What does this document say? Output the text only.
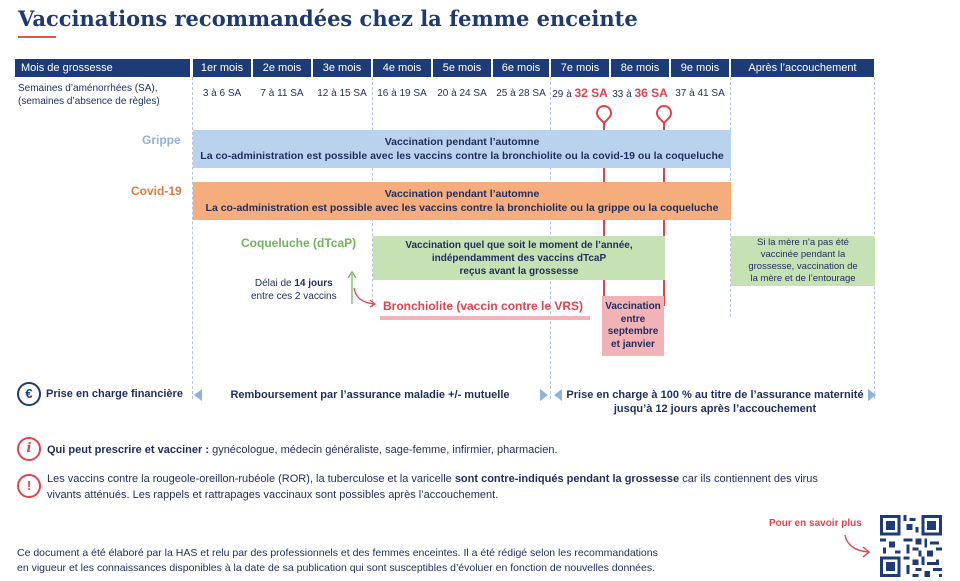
Vaccinations recommandées chez la femme enceinte
Mois de grossesse	1er mois	2e mois	3e mois	4e mois	5e mois	6e mois	7e mois	8e mois	9e mois	Après l’accouchement
Semaines d’aménorrhées (SA),
(semaines d’absence de règles)
3 à 6 SA	7 à 11 SA	12 à 15 SA	16 à 19 SA	20 à 24 SA 25 à 28 SA 29 à 32 SA 33 à 36 SA 37 à 41 SA
Grippe	Vaccination pendant l’automne
La co-administration est possible avec les vaccins contre la bronchiolite ou la covid-19 ou la coqueluche
Covid-19	Vaccination pendant l’automne
La co-administration est possible avec les vaccins contre la bronchiolite ou la grippe ou la coqueluche
Coqueluche (dTcaP)	Vaccination quel que soit le moment de l’année,
indépendamment des vaccins dTcaP
reçus avant la grossesse
Si la mère n’a pas été
vaccinée pendant la
grossesse, vaccination de
la mère et de l’entourage
Délai de 14 jours
entre ces 2 vaccins
Bronchiolite (vaccin contre le VRS) Vaccination
entre
septembre
et janvier
€	Prise en charge financière	Remboursement par l’assurance maladie +/- mutuelle	Prise en charge à 100 % au titre de l’assurance maternité
jusqu’à 12 jours après l’accouchement
i	Qui peut prescrire et vacciner : gynécologue, médecin généraliste, sage-femme, infirmier, pharmacien.
!	Les vaccins contre la rougeole-oreillon-rubéole (ROR), la tuberculose et la varicelle sont contre-indiqués pendant la grossesse car ils contiennent des virus
vivants atténués. Les rappels et rattrapages vaccinaux sont possibles après l’accouchement.
Pour en savoir plus
Ce document a été élaboré par la HAS et relu par des professionnels et des femmes enceintes. Il a été rédigé selon les recommandations
en vigueur et les connaissances disponibles à la date de sa publication qui sont susceptibles d’évoluer en fonction de nouvelles données.
